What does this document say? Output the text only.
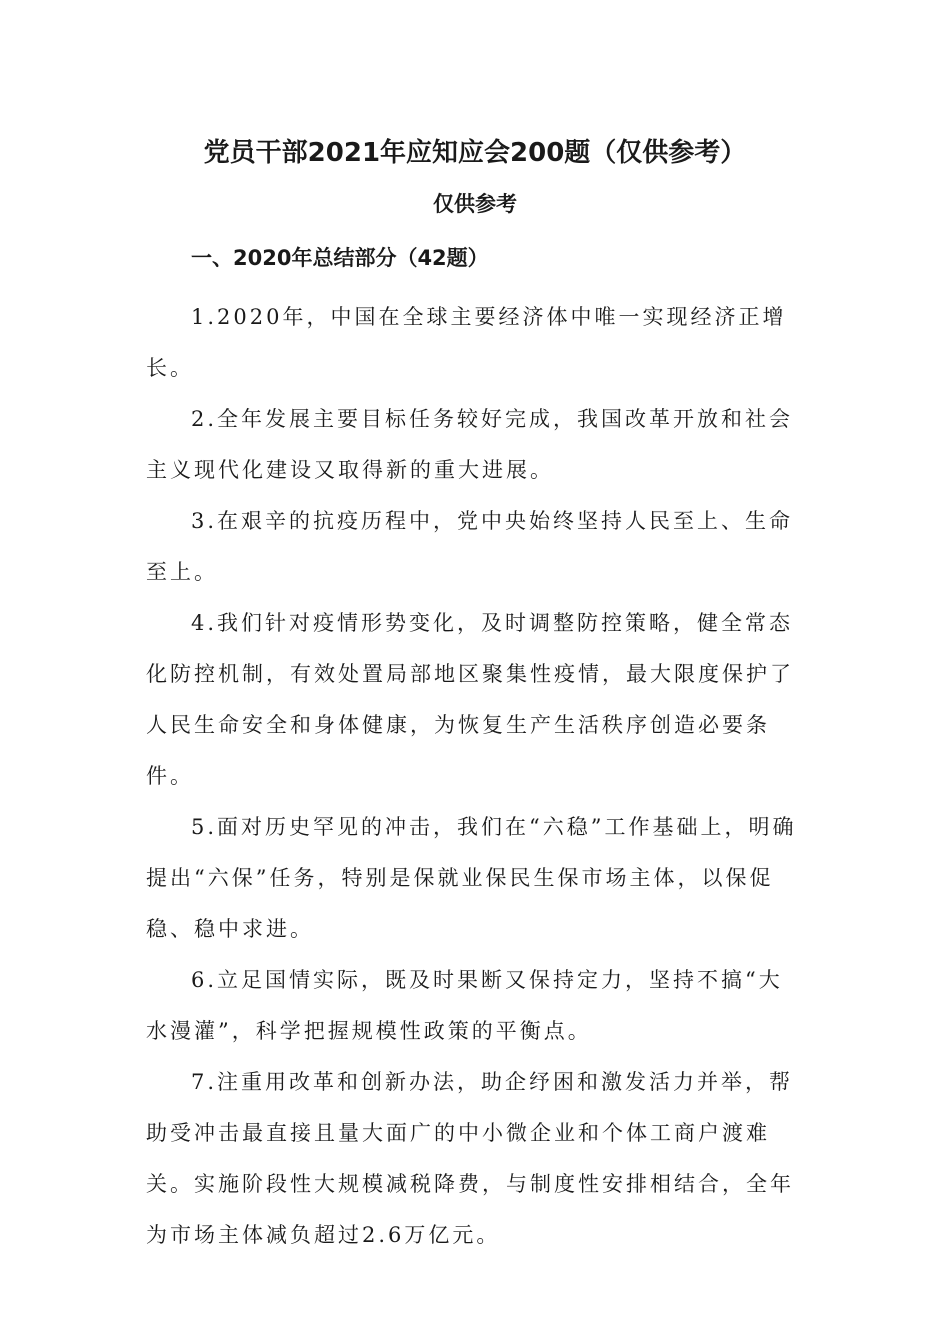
党员干部2021年应知应会200题（仅供参考）
仅供参考
一、2020年总结部分（42题）

1.2020年，中国在全球主要经济体中唯一实现经济正增长。

2.全年发展主要目标任务较好完成，我国改革开放和社会主义现代化建设又取得新的重大进展。

3.在艰辛的抗疫历程中，党中央始终坚持人民至上、生命至上。

4.我们针对疫情形势变化，及时调整防控策略，健全常态化防控机制，有效处置局部地区聚集性疫情，最大限度保护了人民生命安全和身体健康，为恢复生产生活秩序创造必要条件。

5.面对历史罕见的冲击，我们在“六稳”工作基础上，明确提出“六保”任务，特别是保就业保民生保市场主体，以保促稳、稳中求进。

6.立足国情实际，既及时果断又保持定力，坚持不搞“大水漫灌”，科学把握规模性政策的平衡点。

7.注重用改革和创新办法，助企纾困和激发活力并举，帮助受冲击最直接且量大面广的中小微企业和个体工商户渡难关。实施阶段性大规模减税降费，与制度性安排相结合，全年为市场主体减负超过2.6万亿元。
